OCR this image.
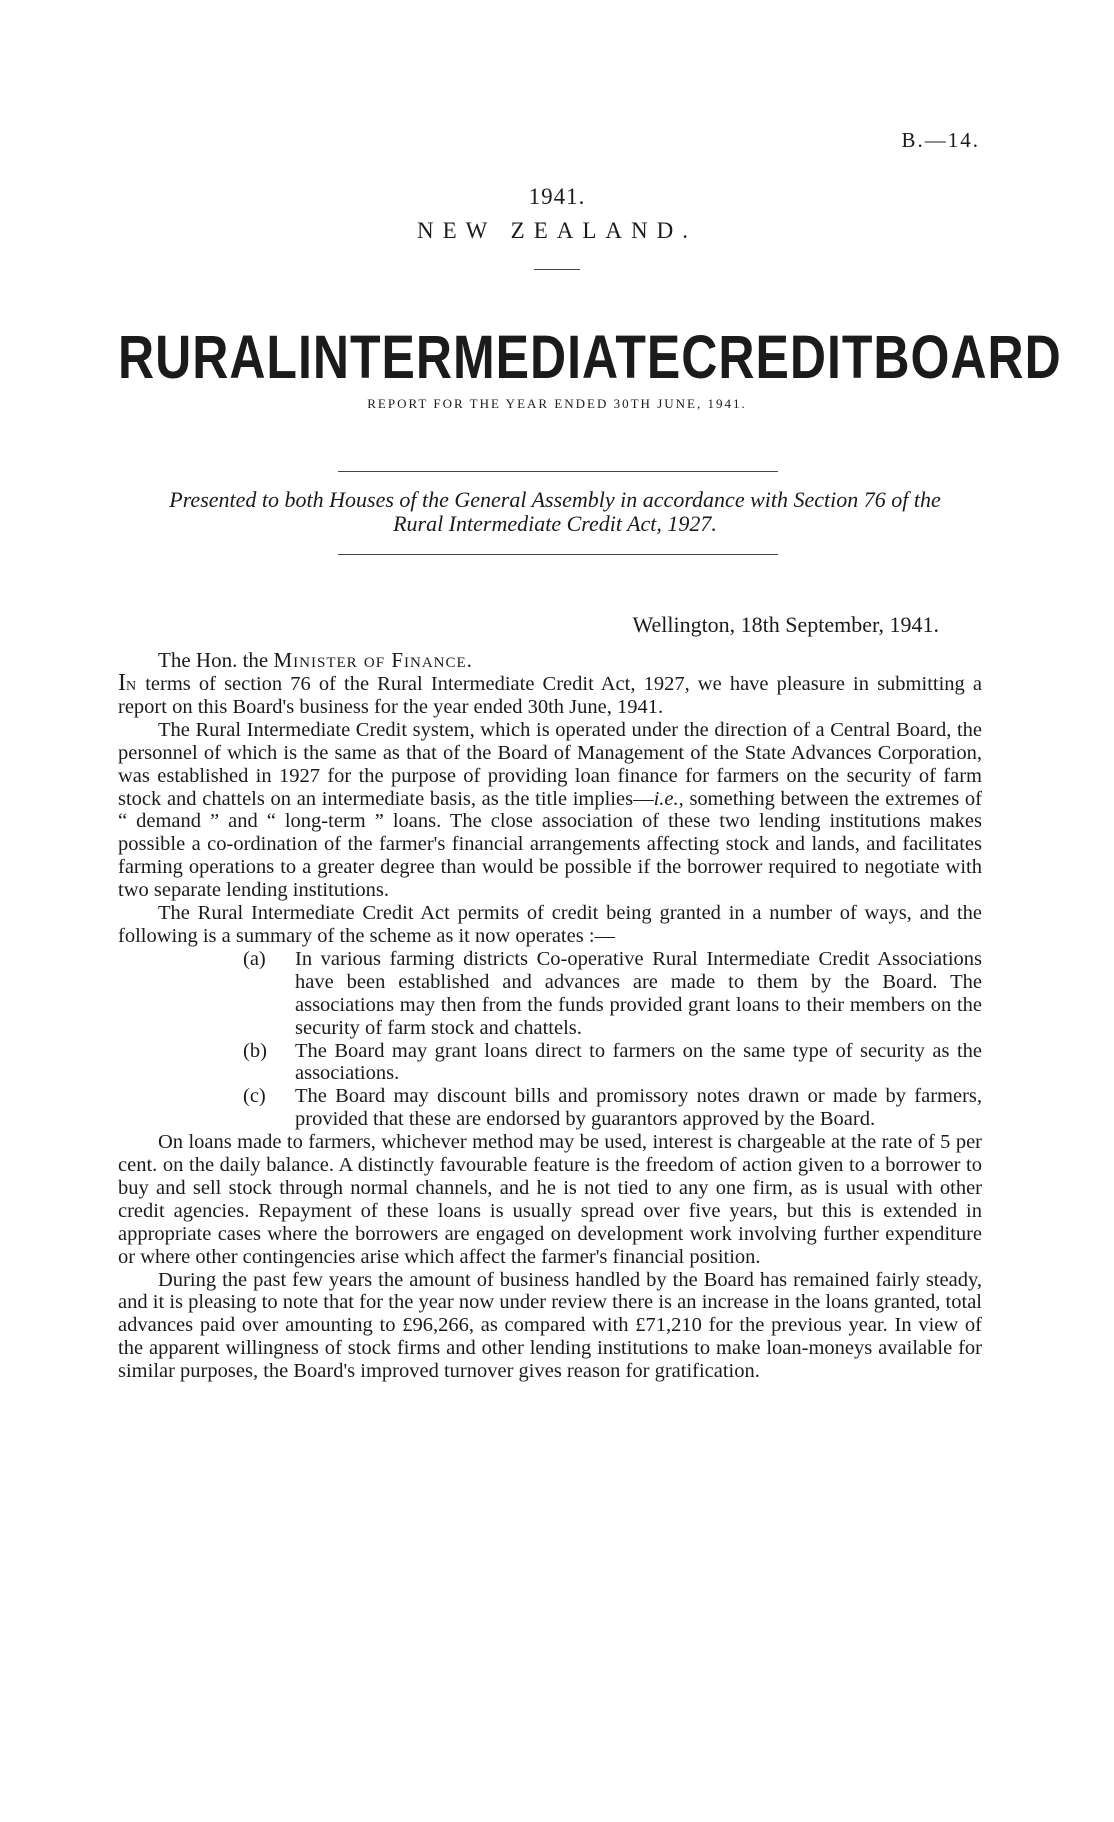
B.—14.
1941.
NEW ZEALAND.
RURAL INTERMEDIATE CREDIT BOARD
REPORT FOR THE YEAR ENDED 30TH JUNE, 1941.
Presented to both Houses of the General Assembly in accordance with Section 76 of the
Rural Intermediate Credit Act, 1927.
Wellington, 18th September, 1941.
The Hon. the Minister of Finance.

In terms of section 76 of the Rural Intermediate Credit Act, 1927, we have pleasure in submitting a report on this Board's business for the year ended 30th June, 1941.

The Rural Intermediate Credit system, which is operated under the direction of a Central Board, the personnel of which is the same as that of the Board of Management of the State Advances Corporation, was established in 1927 for the purpose of providing loan finance for farmers on the security of farm stock and chattels on an intermediate basis, as the title implies—i.e., something between the extremes of “ demand ” and “ long-term ” loans. The close association of these two lending institutions makes possible a co-ordination of the farmer's financial arrangements affecting stock and lands, and facilitates farming operations to a greater degree than would be possible if the borrower required to negotiate with two separate lending institutions.

The Rural Intermediate Credit Act permits of credit being granted in a number of ways, and the following is a summary of the scheme as it now operates :—

(a) In various farming districts Co-operative Rural Intermediate Credit Associations have been established and advances are made to them by the Board. The associations may then from the funds provided grant loans to their members on the security of farm stock and chattels.
(b) The Board may grant loans direct to farmers on the same type of security as the associations.
(c) The Board may discount bills and promissory notes drawn or made by farmers, provided that these are endorsed by guarantors approved by the Board.

On loans made to farmers, whichever method may be used, interest is chargeable at the rate of 5 per cent. on the daily balance. A distinctly favourable feature is the freedom of action given to a borrower to buy and sell stock through normal channels, and he is not tied to any one firm, as is usual with other credit agencies. Repayment of these loans is usually spread over five years, but this is extended in appropriate cases where the borrowers are engaged on development work involving further expenditure or where other contingencies arise which affect the farmer's financial position.

During the past few years the amount of business handled by the Board has remained fairly steady, and it is pleasing to note that for the year now under review there is an increase in the loans granted, total advances paid over amounting to £96,266, as compared with £71,210 for the previous year. In view of the apparent willingness of stock firms and other lending institutions to make loan-moneys available for similar purposes, the Board's improved turnover gives reason for gratification.
